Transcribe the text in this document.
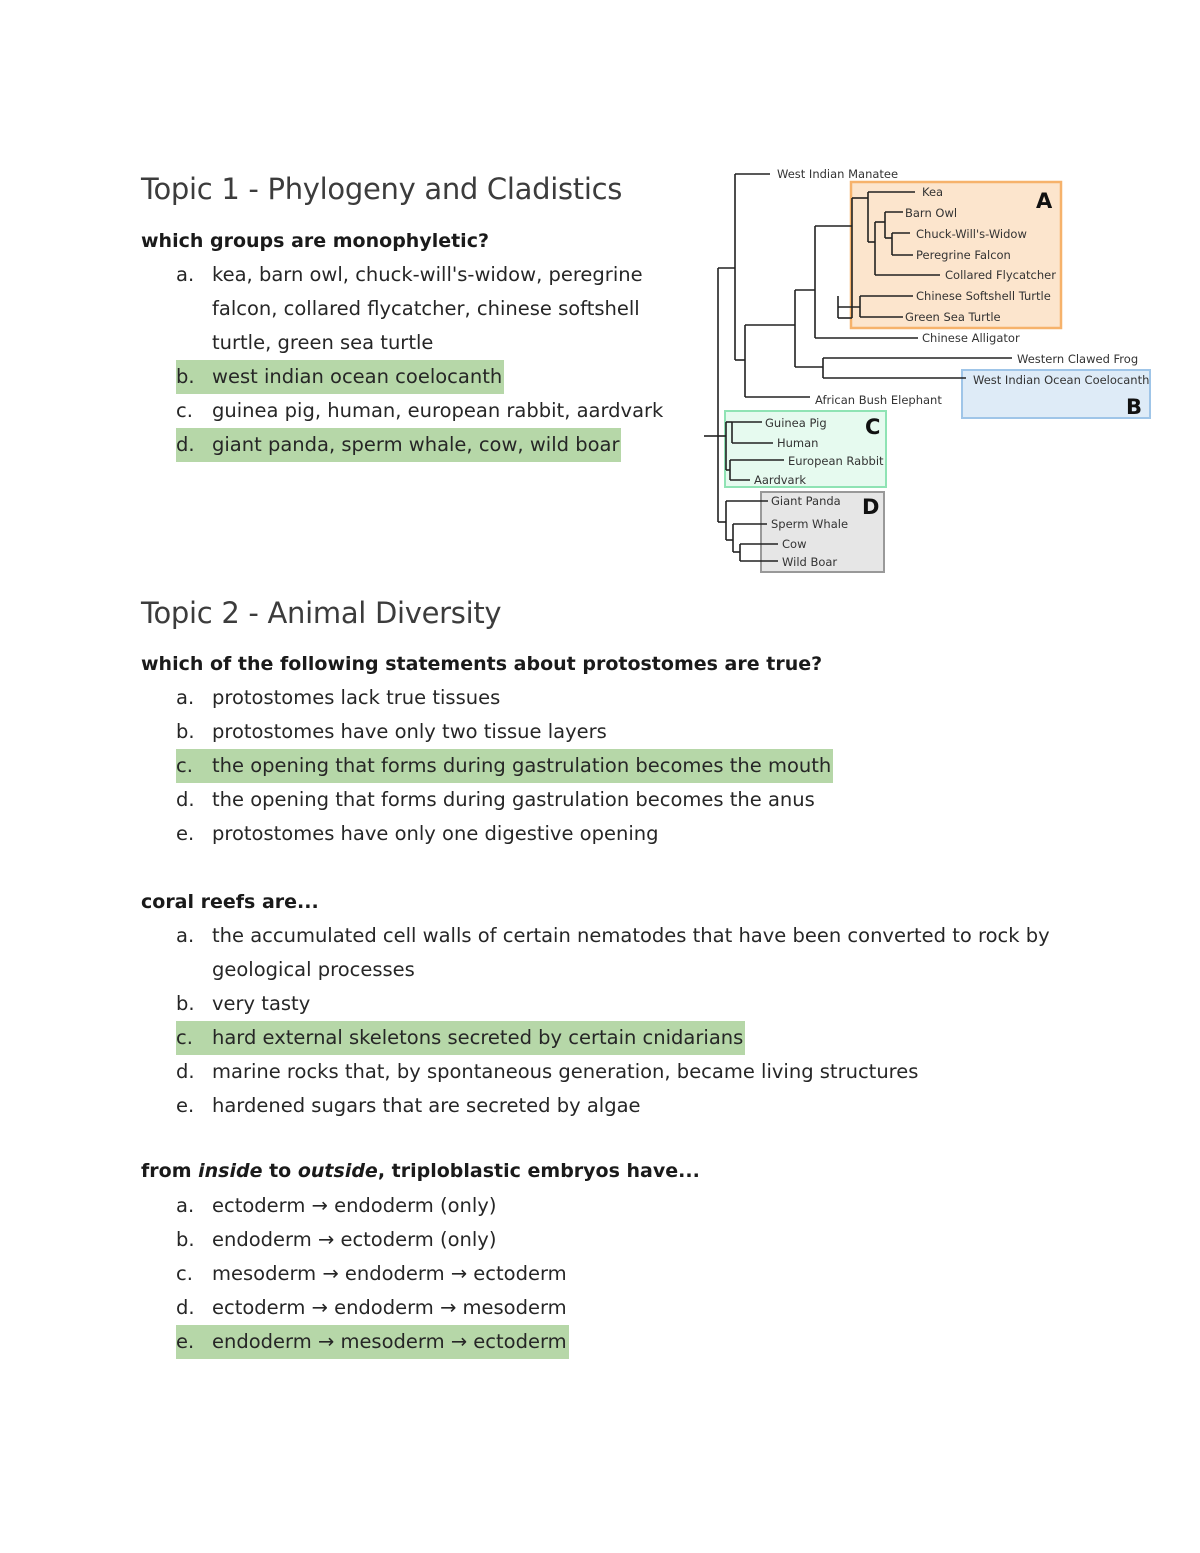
Topic 1 - Phylogeny and Cladistics

which groups are monophyletic?

a. kea, barn owl, chuck-will's-widow, peregrine
falcon, collared flycatcher, chinese softshell
turtle, green sea turtle
b. west indian ocean coelocanth
c. guinea pig, human, european rabbit, aardvark
d. giant panda, sperm whale, cow, wild boar
West Indian Manatee
Kea
Barn Owl
Chuck-Will's-Widow
Peregrine Falcon
Collared Flycatcher
Chinese Softshell Turtle
Green Sea Turtle
Chinese Alligator
Western Clawed Frog
West Indian Ocean Coelocanth
African Bush Elephant
Guinea Pig
Human
European Rabbit
Aardvark
Giant Panda
Sperm Whale
Cow
Wild Boar
A
B
C
D
Topic 2 - Animal Diversity

which of the following statements about protostomes are true?

a. protostomes lack true tissues
b. protostomes have only two tissue layers
c. the opening that forms during gastrulation becomes the mouth
d. the opening that forms during gastrulation becomes the anus
e. protostomes have only one digestive opening

coral reefs are...

a. the accumulated cell walls of certain nematodes that have been converted to rock by
geological processes
b. very tasty
c. hard external skeletons secreted by certain cnidarians
d. marine rocks that, by spontaneous generation, became living structures
e. hardened sugars that are secreted by algae

from inside to outside, triploblastic embryos have...

a. ectoderm → endoderm (only)
b. endoderm → ectoderm (only)
c. mesoderm → endoderm → ectoderm
d. ectoderm → endoderm → mesoderm
e. endoderm → mesoderm → ectoderm
